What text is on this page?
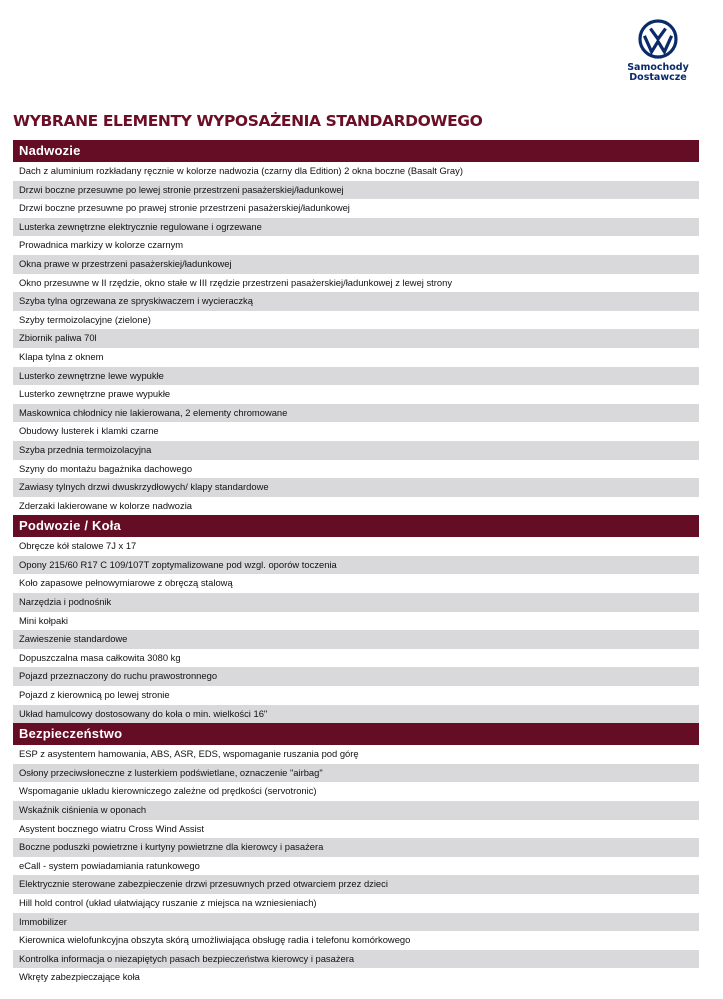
Samochody
Dostawcze
WYBRANE ELEMENTY WYPOSAŻENIA STANDARDOWEGO
Nadwozie
Dach z aluminium rozkładany ręcznie w kolorze nadwozia (czarny dla Edition) 2 okna boczne (Basalt Gray)
Drzwi boczne przesuwne po lewej stronie przestrzeni pasażerskiej/ładunkowej
Drzwi boczne przesuwne po prawej stronie przestrzeni pasażerskiej/ładunkowej
Lusterka zewnętrzne elektrycznie regulowane i ogrzewane
Prowadnica markizy w kolorze czarnym
Okna prawe w przestrzeni pasażerskiej/ładunkowej
Okno przesuwne w II rzędzie, okno stałe w III rzędzie przestrzeni pasażerskiej/ładunkowej z lewej strony
Szyba tylna ogrzewana ze spryskiwaczem i wycieraczką
Szyby termoizolacyjne (zielone)
Zbiornik paliwa 70l
Klapa tylna z oknem
Lusterko zewnętrzne lewe wypukłe
Lusterko zewnętrzne prawe wypukłe
Maskownica chłodnicy nie lakierowana, 2 elementy chromowane
Obudowy lusterek i klamki czarne
Szyba przednia termoizolacyjna
Szyny do montażu bagażnika dachowego
Zawiasy tylnych drzwi dwuskrzydłowych/ klapy standardowe
Zderzaki lakierowane w kolorze nadwozia
Podwozie / Koła
Obręcze kół stalowe 7J x 17
Opony 215/60 R17 C 109/107T zoptymalizowane pod wzgl. oporów toczenia
Koło zapasowe pełnowymiarowe z obręczą stalową
Narzędzia i podnośnik
Mini kołpaki
Zawieszenie standardowe
Dopuszczalna masa całkowita 3080 kg
Pojazd przeznaczony do ruchu prawostronnego
Pojazd z kierownicą po lewej stronie
Układ hamulcowy dostosowany do koła o min. wielkości 16"
Bezpieczeństwo
ESP z asystentem hamowania, ABS, ASR, EDS, wspomaganie ruszania pod górę
Osłony przeciwsłoneczne z lusterkiem podświetlane, oznaczenie "airbag"
Wspomaganie układu kierowniczego zależne od prędkości (servotronic)
Wskaźnik ciśnienia w oponach
Asystent bocznego wiatru Cross Wind Assist
Boczne poduszki powietrzne i kurtyny powietrzne dla kierowcy i pasażera
eCall - system powiadamiania ratunkowego
Elektrycznie sterowane zabezpieczenie drzwi przesuwnych przed otwarciem przez dzieci
Hill hold control (układ ułatwiający ruszanie z miejsca na wzniesieniach)
Immobilizer
Kierownica wielofunkcyjna obszyta skórą umożliwiająca obsługę radia i telefonu komórkowego
Kontrolka informacja o niezapiętych pasach bezpieczeństwa kierowcy i pasażera
Wkręty zabezpieczające koła
